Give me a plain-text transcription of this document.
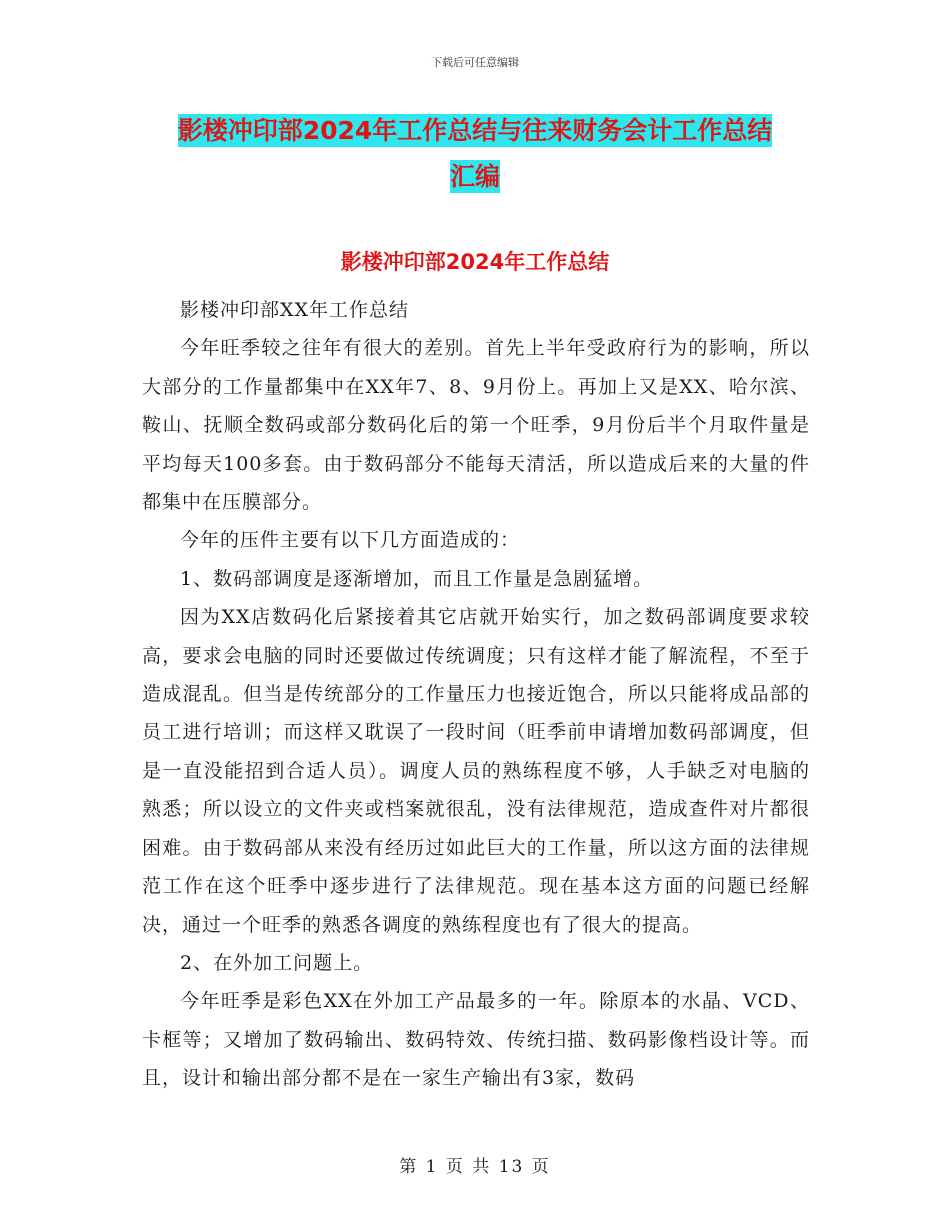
下载后可任意编辑
影楼冲印部2024年工作总结与往来财务会计工作总结
汇编
影楼冲印部2024年工作总结

影楼冲印部XX年工作总结

今年旺季较之往年有很大的差别。首先上半年受政府行为的影响，所以大部分的工作量都集中在XX年7、8、9月份上。再加上又是XX、哈尔滨、鞍山、抚顺全数码或部分数码化后的第一个旺季，9月份后半个月取件量是平均每天100多套。由于数码部分不能每天清活，所以造成后来的大量的件都集中在压膜部分。

今年的压件主要有以下几方面造成的：

1、数码部调度是逐渐增加，而且工作量是急剧猛增。

因为XX店数码化后紧接着其它店就开始实行，加之数码部调度要求较高，要求会电脑的同时还要做过传统调度；只有这样才能了解流程，不至于造成混乱。但当是传统部分的工作量压力也接近饱合，所以只能将成品部的员工进行培训；而这样又耽误了一段时间（旺季前申请增加数码部调度，但是一直没能招到合适人员）。调度人员的熟练程度不够，人手缺乏对电脑的熟悉；所以设立的文件夹或档案就很乱，没有法律规范，造成查件对片都很困难。由于数码部从来没有经历过如此巨大的工作量，所以这方面的法律规范工作在这个旺季中逐步进行了法律规范。现在基本这方面的问题已经解决，通过一个旺季的熟悉各调度的熟练程度也有了很大的提高。

2、在外加工问题上。

今年旺季是彩色XX在外加工产品最多的一年。除原本的水晶、VCD、卡框等；又增加了数码输出、数码特效、传统扫描、数码影像档设计等。而且，设计和输出部分都不是在一家生产输出有3家，数码

第 1 页 共 13 页
